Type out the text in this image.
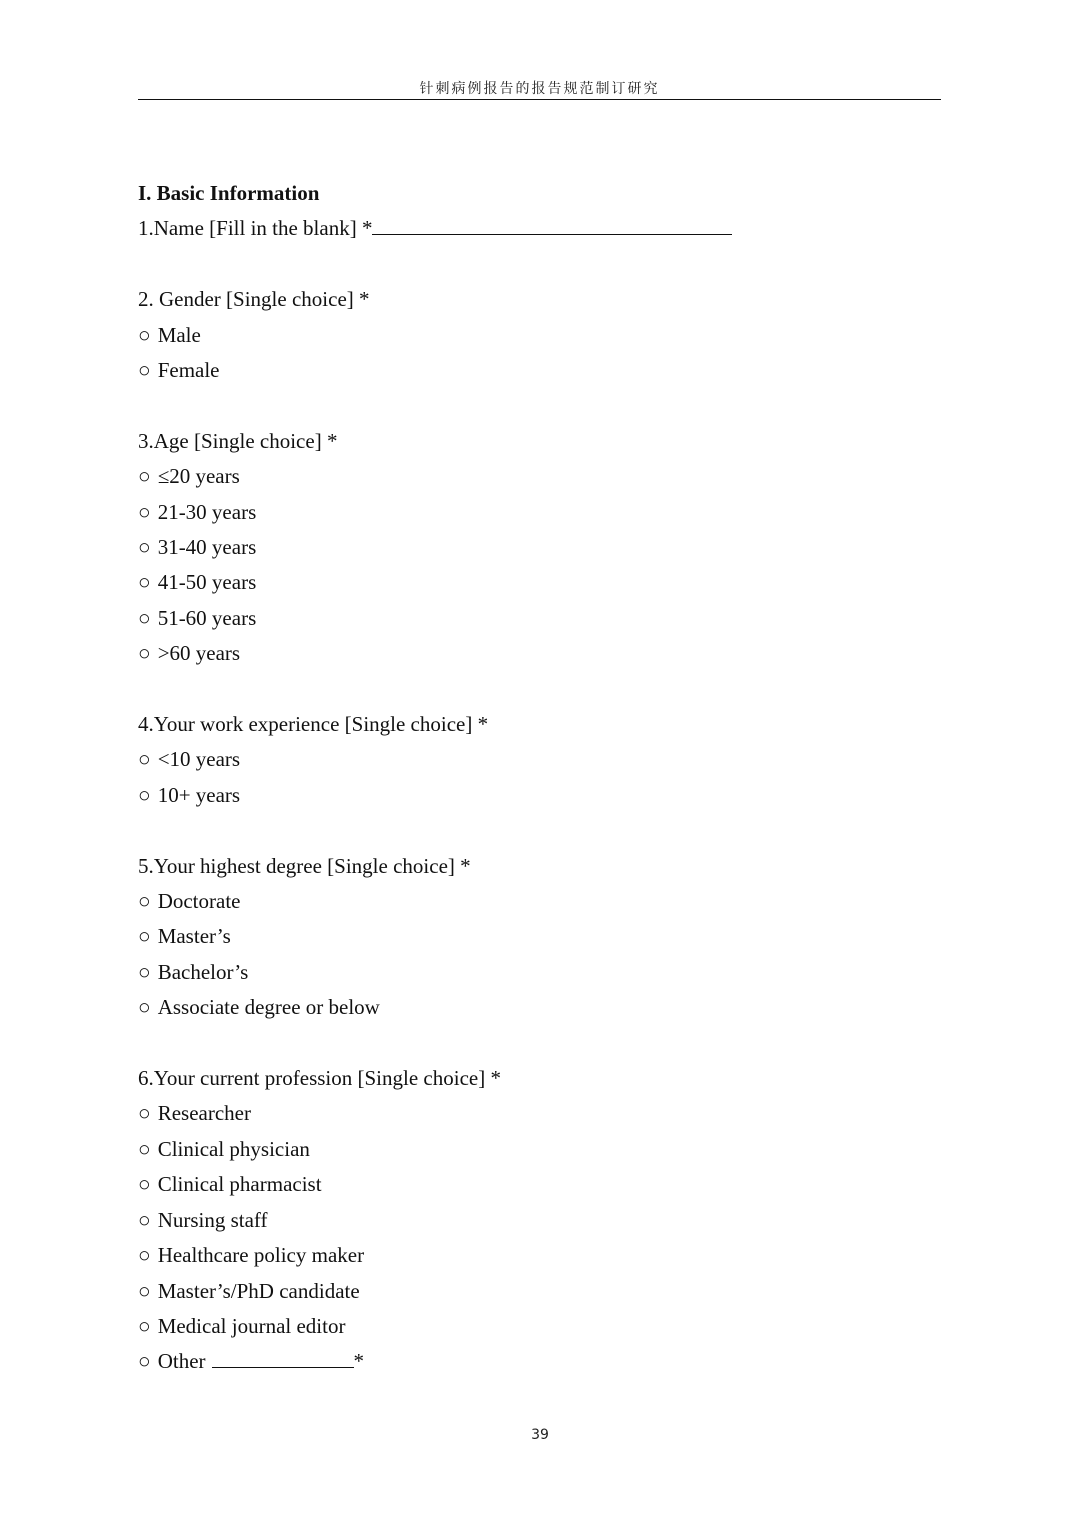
针刺病例报告的报告规范制订研究

I. Basic Information

1.Name [Fill in the blank] *

2. Gender [Single choice] *

○ Male

○ Female

3.Age [Single choice] *

○ ≤20 years

○ 21-30 years

○ 31-40 years

○ 41-50 years

○ 51-60 years

○ >60 years

4.Your work experience [Single choice] *

○ <10 years

○ 10+ years

5.Your highest degree [Single choice] *

○ Doctorate

○ Master’s

○ Bachelor’s

○ Associate degree or below

6.Your current profession [Single choice] *

○ Researcher

○ Clinical physician

○ Clinical pharmacist

○ Nursing staff

○ Healthcare policy maker

○ Master’s/PhD candidate

○ Medical journal editor

○ Other	*

39
